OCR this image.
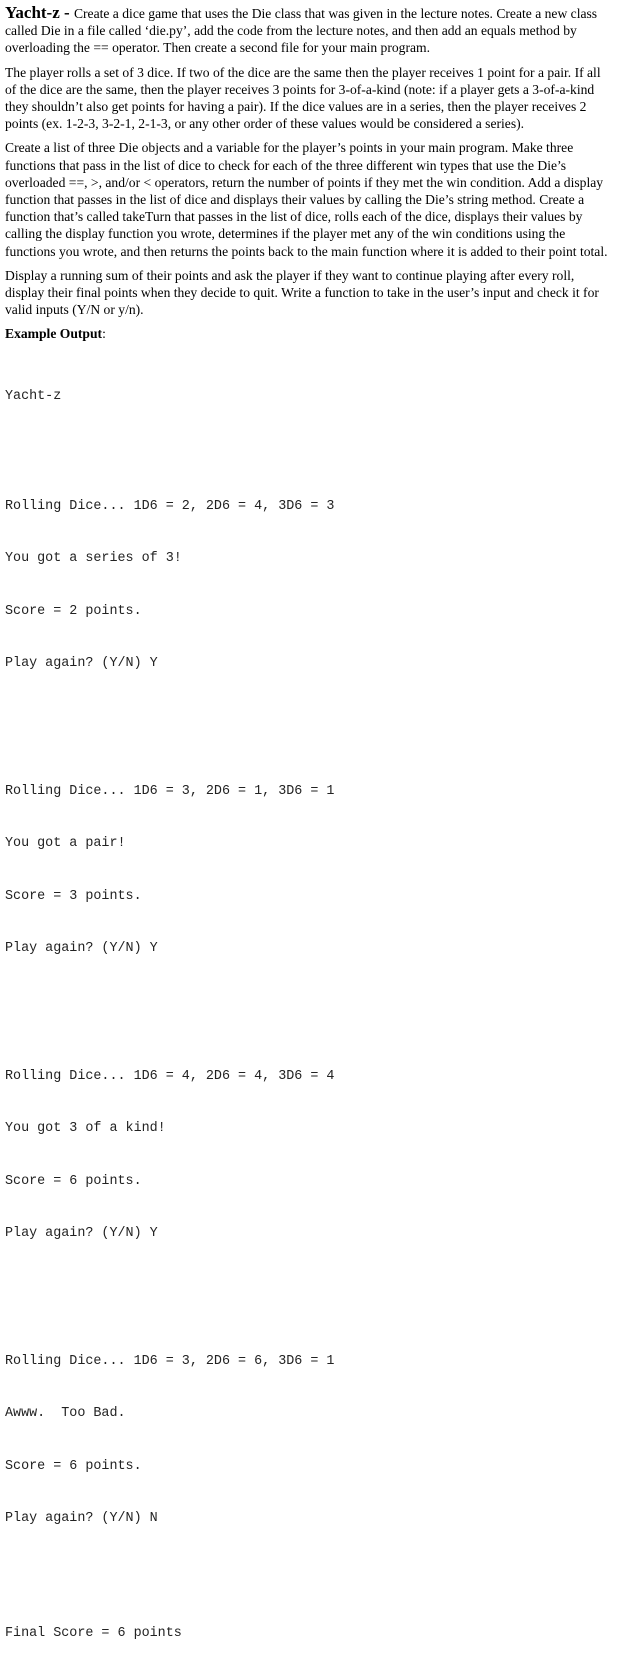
Yacht-z - Create a dice game that uses the Die class that was given in the lecture notes. Create a new class called Die in a file called ‘die.py’, add the code from the lecture notes, and then add an equals method by overloading the == operator. Then create a second file for your main program.

The player rolls a set of 3 dice. If two of the dice are the same then the player receives 1 point for a pair. If all of the dice are the same, then the player receives 3 points for 3-of-a-kind (note: if a player gets a 3-of-a-kind they shouldn’t also get points for having a pair). If the dice values are in a series, then the player receives 2 points (ex. 1-2-3, 3-2-1, 2-1-3, or any other order of these values would be considered a series).

Create a list of three Die objects and a variable for the player’s points in your main program. Make three functions that pass in the list of dice to check for each of the three different win types that use the Die’s overloaded ==, >, and/or < operators, return the number of points if they met the win condition. Add a display function that passes in the list of dice and displays their values by calling the Die’s string method. Create a function that’s called takeTurn that passes in the list of dice, rolls each of the dice, displays their values by calling the display function you wrote, determines if the player met any of the win conditions using the functions you wrote, and then returns the points back to the main function where it is added to their point total.

Display a running sum of their points and ask the player if they want to continue playing after every roll, display their final points when they decide to quit. Write a function to take in the user’s input and check it for valid inputs (Y/N or y/n).

Example Output:

Yacht-z

Rolling Dice... 1D6 = 2, 2D6 = 4, 3D6 = 3

You got a series of 3!

Score = 2 points.

Play again? (Y/N) Y

Rolling Dice... 1D6 = 3, 2D6 = 1, 3D6 = 1

You got a pair!

Score = 3 points.

Play again? (Y/N) Y

Rolling Dice... 1D6 = 4, 2D6 = 4, 3D6 = 4

You got 3 of a kind!

Score = 6 points.

Play again? (Y/N) Y

Rolling Dice... 1D6 = 3, 2D6 = 6, 3D6 = 1

Awww.  Too Bad.

Score = 6 points.

Play again? (Y/N) N

Final Score = 6 points
